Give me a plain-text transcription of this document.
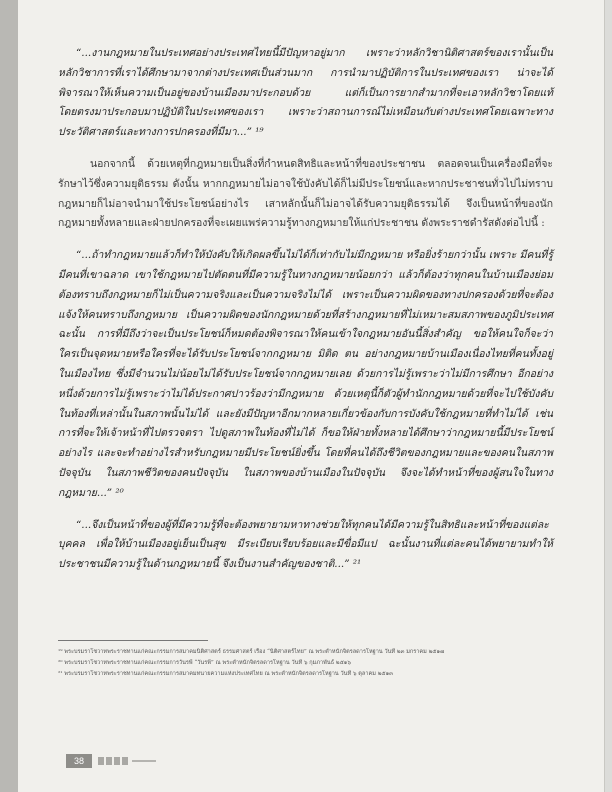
“...งานกฎหมายในประเทศอย่างประเทศไทยนี้มีปัญหาอยู่มาก เพราะว่าหลักวิชานิติศาสตร์ของเรานั้นเป็นหลักวิชาการที่เราได้ศึกษามาจากต่างประเทศเป็นส่วนมาก การนำมาปฏิบัติการในประเทศของเรา น่าจะได้พิจารณาให้เห็นความเป็นอยู่ของบ้านเมืองมาประกอบด้วย แต่ก็เป็นการยากสำมากที่จะเอาหลักวิชาโดยแท้โดยตรงมาประกอบมาปฏิบัติในประเทศของเรา เพราะว่าสถานการณ์ไม่เหมือนกับต่างประเทศโดยเฉพาะทางประวัติศาสตร์และทางการปกครองที่มีมา...” ¹⁹

นอกจากนี้ ด้วยเหตุที่กฎหมายเป็นสิ่งที่กำหนดสิทธิและหน้าที่ของประชาชน ตลอดจนเป็นเครื่องมือที่จะรักษาไว้ซึ่งความยุติธรรม ดังนั้น หากกฎหมายไม่อาจใช้บังคับได้ก็ไม่มีประโยชน์และหากประชาชนทั่วไปไม่ทราบกฎหมายก็ไม่อาจนำมาใช้ประโยชน์อย่างไร เสาหลักนั้นก็ไม่อาจได้รับความยุติธรรมได้ จึงเป็นหน้าที่ของนักกฎหมายทั้งหลายและฝ่ายปกครองที่จะเผยแพร่ความรู้ทางกฎหมายให้แก่ประชาชน ดังพระราชดำรัสดังต่อไปนี้ :

“...ถ้าทำกฎหมายแล้วก็ทำให้บังคับให้เกิดผลขึ้นไม่ได้ก็เท่ากับไม่มีกฎหมาย หรือยิ่งร้ายกว่านั้น เพราะ มีคนที่รู้ มีคนที่เขาฉลาด เขาใช้กฎหมายไปตัดตนที่มีความรู้ในทางกฎหมายน้อยกว่า แล้วก็ต้องว่าทุกคนในบ้านเมืองย่อมต้องทราบถึงกฎหมายก็ไม่เป็นความจริงและเป็นความจริงไม่ได้ เพราะเป็นความผิดของทางปกครองด้วยที่จะต้องแจ้งให้คนทราบถึงกฎหมาย เป็นความผิดของนักกฎหมายด้วยที่สร้างกฎหมายที่ไม่เหมาะสมสภาพของภูมิประเทศ ฉะนั้น การที่มีถึงว่าจะเป็นประโยชน์ก็หมดต้องพิจารณาให้คนเข้าใจกฎหมายอันนี้สิ่งสำคัญ ขอให้คนใจก็จะว่าใครเป็นจุดหมายหรือใครที่จะได้รับประโยชน์จากกฎหมาย มิติด ตน อย่างกฎหมายบ้านเมืองเนื่องไทยที่คนทั้งอยู่ในเมืองไทย ซึ่งมีจำนวนไม่น้อยไม่ได้รับประโยชน์จากกฎหมายเลย ด้วยการไม่รู้เพราะว่าไม่มีการศึกษา อีกอย่างหนึ่งด้วยการไม่รู้เพราะว่าไม่ได้ประกาศปาวร้องว่ามีกฎหมาย ด้วยเหตุนี้ก็ตัวผู้ทำนักกฎหมายด้วยที่จะไปใช้บังคับในท้องที่เหล่านั้นในสภาพนั้นไม่ได้ และยังมีปัญหาอีกมากหลายเกี่ยวข้องกับการบังคับใช้กฎหมายที่ทำไม่ได้ เช่น การที่จะให้เจ้าหน้าที่ไปตรวจตรา ไปดูสภาพในท้องที่ไม่ได้ ก็ขอให้ฝ่ายทั้งหลายได้ศึกษาว่ากฎหมายนี้มีประโยชน์อย่างไร และจะทำอย่างไรสำหรับกฎหมายมีประโยชน์ยิ่งขึ้น โดยที่คนได้ถึงชีวิตของกฎหมายและของคนในสภาพปัจจุบัน ในสภาพชีวิตของคนปัจจุบัน ในสภาพของบ้านเมืองในปัจจุบัน จึงจะได้ทำหน้าที่ของผู้สนใจในทางกฎหมาย...” ²⁰

“...จึงเป็นหน้าที่ของผู้ที่มีความรู้ที่จะต้องพยายามหาทางช่วยให้ทุกคนได้มีความรู้ในสิทธิและหน้าที่ของแต่ละบุคคล เพื่อให้บ้านเมืองอยู่เย็นเป็นสุข มีระเบียบเรียบร้อยและมีขื่อมีแป ฉะนั้นงานที่แต่ละคนได้พยายามทำให้ประชาชนมีความรู้ในด้านกฎหมายนี้ จึงเป็นงานสำคัญของชาติ...” ²¹

¹⁹ พระบรมราโชวาทพระราชทานแก่คณะกรรมการสมาคมนิติศาสตร์ ธรรมศาสตร์ เรื่อง “นิติศาสตร์ไทย” ณ พระตำหนักจิตรลดารโหฐาน วันที่ ๒๓ มกราคม ๒๕๑๗

²⁰ พระบรมราโชวาทพระราชทานแก่คณะกรรมการวันรพี “วันรพี” ณ พระตำหนักจิตรลดารโหฐาน วันที่ ๖ กุมภาพันธ์ ๒๕๑๖

²¹ พระบรมราโชวาทพระราชทานแก่คณะกรรมการสมาคมทนายความแห่งประเทศไทย ณ พระตำหนักจิตรลดารโหฐาน วันที่ ๖ ตุลาคม ๒๕๑๓

38
